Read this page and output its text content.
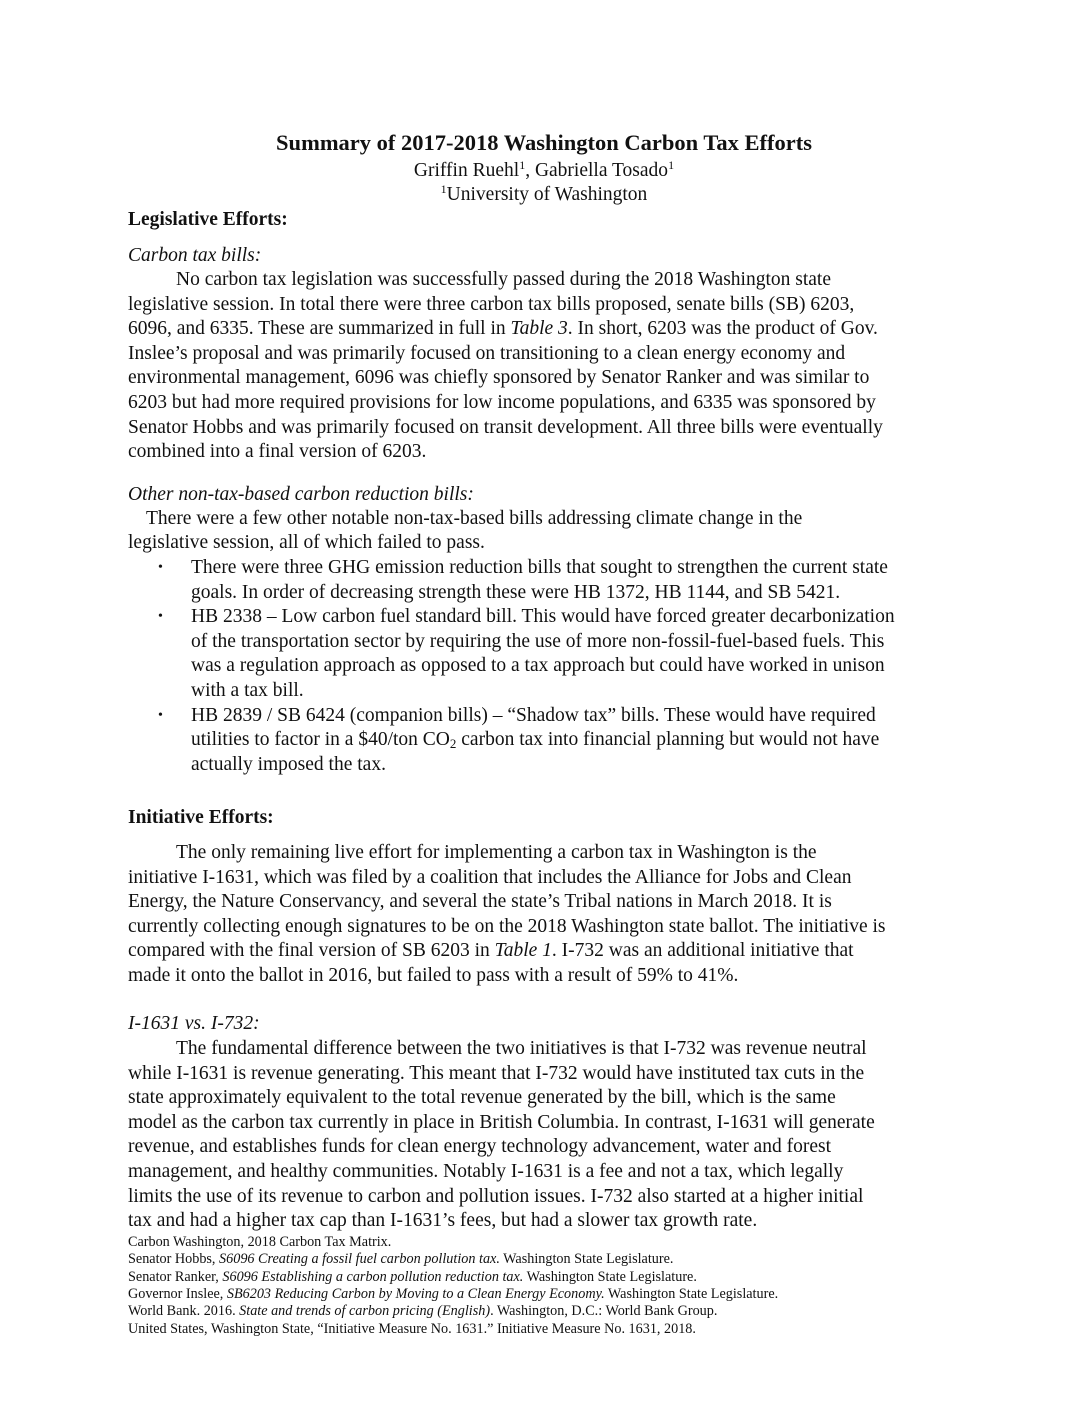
Summary of 2017-2018 Washington Carbon Tax Efforts
Griffin Ruehl$^1$, Gabriella Tosado$^1$
$^1$University of Washington
Legislative Efforts:
Carbon tax bills:
No carbon tax legislation was successfully passed during the 2018 Washington state
legislative session. In total there were three carbon tax bills proposed, senate bills (SB) 6203,
6096, and 6335. These are summarized in full in Table 3. In short, 6203 was the product of Gov.
Inslee’s proposal and was primarily focused on transitioning to a clean energy economy and
environmental management, 6096 was chiefly sponsored by Senator Ranker and was similar to
6203 but had more required provisions for low income populations, and 6335 was sponsored by
Senator Hobbs and was primarily focused on transit development. All three bills were eventually
combined into a final version of 6203.
Other non-tax-based carbon reduction bills:
There were a few other notable non-tax-based bills addressing climate change in the
legislative session, all of which failed to pass.
• There were three GHG emission reduction bills that sought to strengthen the current state
goals. In order of decreasing strength these were HB 1372, HB 1144, and SB 5421.
• HB 2338 – Low carbon fuel standard bill. This would have forced greater decarbonization
of the transportation sector by requiring the use of more non-fossil-fuel-based fuels. This
was a regulation approach as opposed to a tax approach but could have worked in unison
with a tax bill.
• HB 2839 / SB 6424 (companion bills) – “Shadow tax” bills. These would have required
utilities to factor in a $40/ton $CO_2$ carbon tax into financial planning but would not have
actually imposed the tax.
Initiative Efforts:
The only remaining live effort for implementing a carbon tax in Washington is the
initiative I-1631, which was filed by a coalition that includes the Alliance for Jobs and Clean
Energy, the Nature Conservancy, and several the state’s Tribal nations in March 2018. It is
currently collecting enough signatures to be on the 2018 Washington state ballot. The initiative is
compared with the final version of SB 6203 in Table 1. I-732 was an additional initiative that
made it onto the ballot in 2016, but failed to pass with a result of 59% to 41%.
I-1631 vs. I-732:
The fundamental difference between the two initiatives is that I-732 was revenue neutral
while I-1631 is revenue generating. This meant that I-732 would have instituted tax cuts in the
state approximately equivalent to the total revenue generated by the bill, which is the same
model as the carbon tax currently in place in British Columbia. In contrast, I-1631 will generate
revenue, and establishes funds for clean energy technology advancement, water and forest
management, and healthy communities. Notably I-1631 is a fee and not a tax, which legally
limits the use of its revenue to carbon and pollution issues. I-732 also started at a higher initial
tax and had a higher tax cap than I-1631’s fees, but had a slower tax growth rate.
Carbon Washington, 2018 Carbon Tax Matrix.
Senator Hobbs, S6096 Creating a fossil fuel carbon pollution tax. Washington State Legislature.
Senator Ranker, S6096 Establishing a carbon pollution reduction tax. Washington State Legislature.
Governor Inslee, SB6203 Reducing Carbon by Moving to a Clean Energy Economy. Washington State Legislature.
World Bank. 2016. State and trends of carbon pricing (English). Washington, D.C.: World Bank Group.
United States, Washington State, “Initiative Measure No. 1631.” Initiative Measure No. 1631, 2018.
